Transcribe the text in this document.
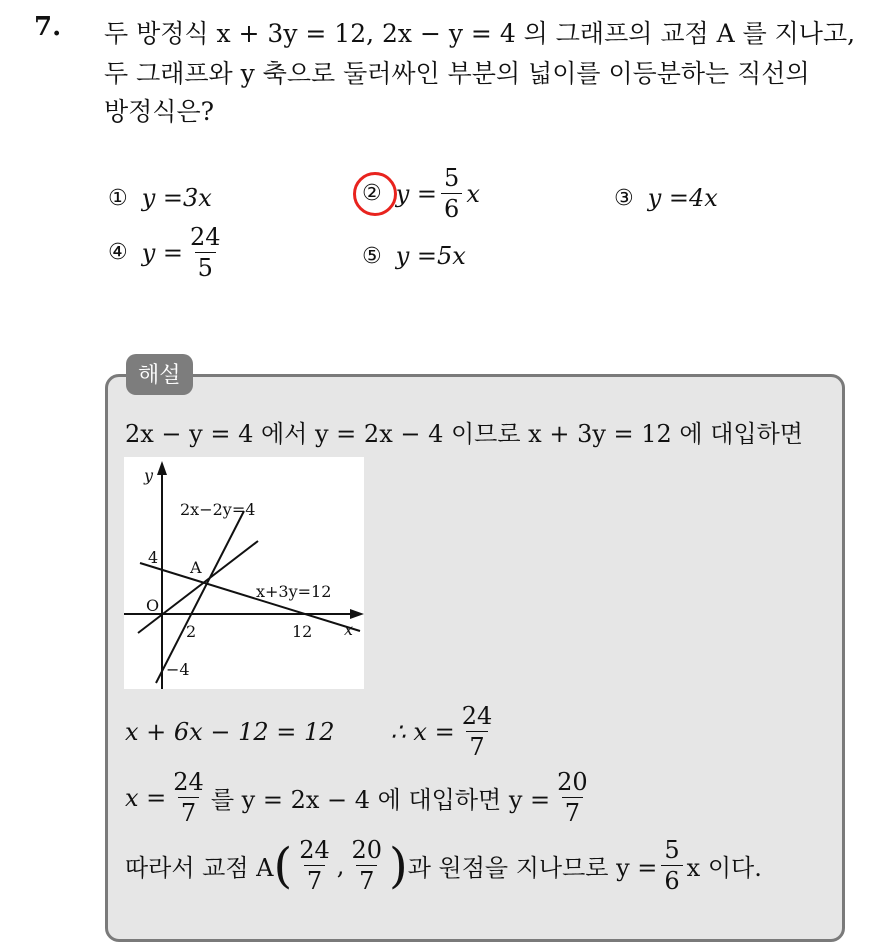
7. 두 방정식 x + 3y = 12, 2x − y = 4 의 그래프의 교점 A 를 지나고,
두 그래프와 y 축으로 둘러싸인 부분의 넓이를 이등분하는 직선의
방정식은?
① y = 3x	② $y = \frac{5}{6}$ x	③ y = 4x
④ $y = \frac{24}{5}$	⑤ y = 5x
해설
2x − y = 4 에서 y = 2x − 4 이므로 x + 3y = 12 에 대입하면
y
x
O
2x−2y=4
x+3y=12
A
4
−4
2	12
x + 6x − 12 = 12 ∴ $x = \frac{24}{7}$
$x = \frac{24}{7}$ 를 y = 2x − 4 에 대입하면 $y = \frac{20}{7}$
따라서 교점 A ( $\frac{24}{7}$ , $\frac{20}{7}$ ) 과 원점을 지나므로 $y = \frac{5}{6}$ x 이다.
